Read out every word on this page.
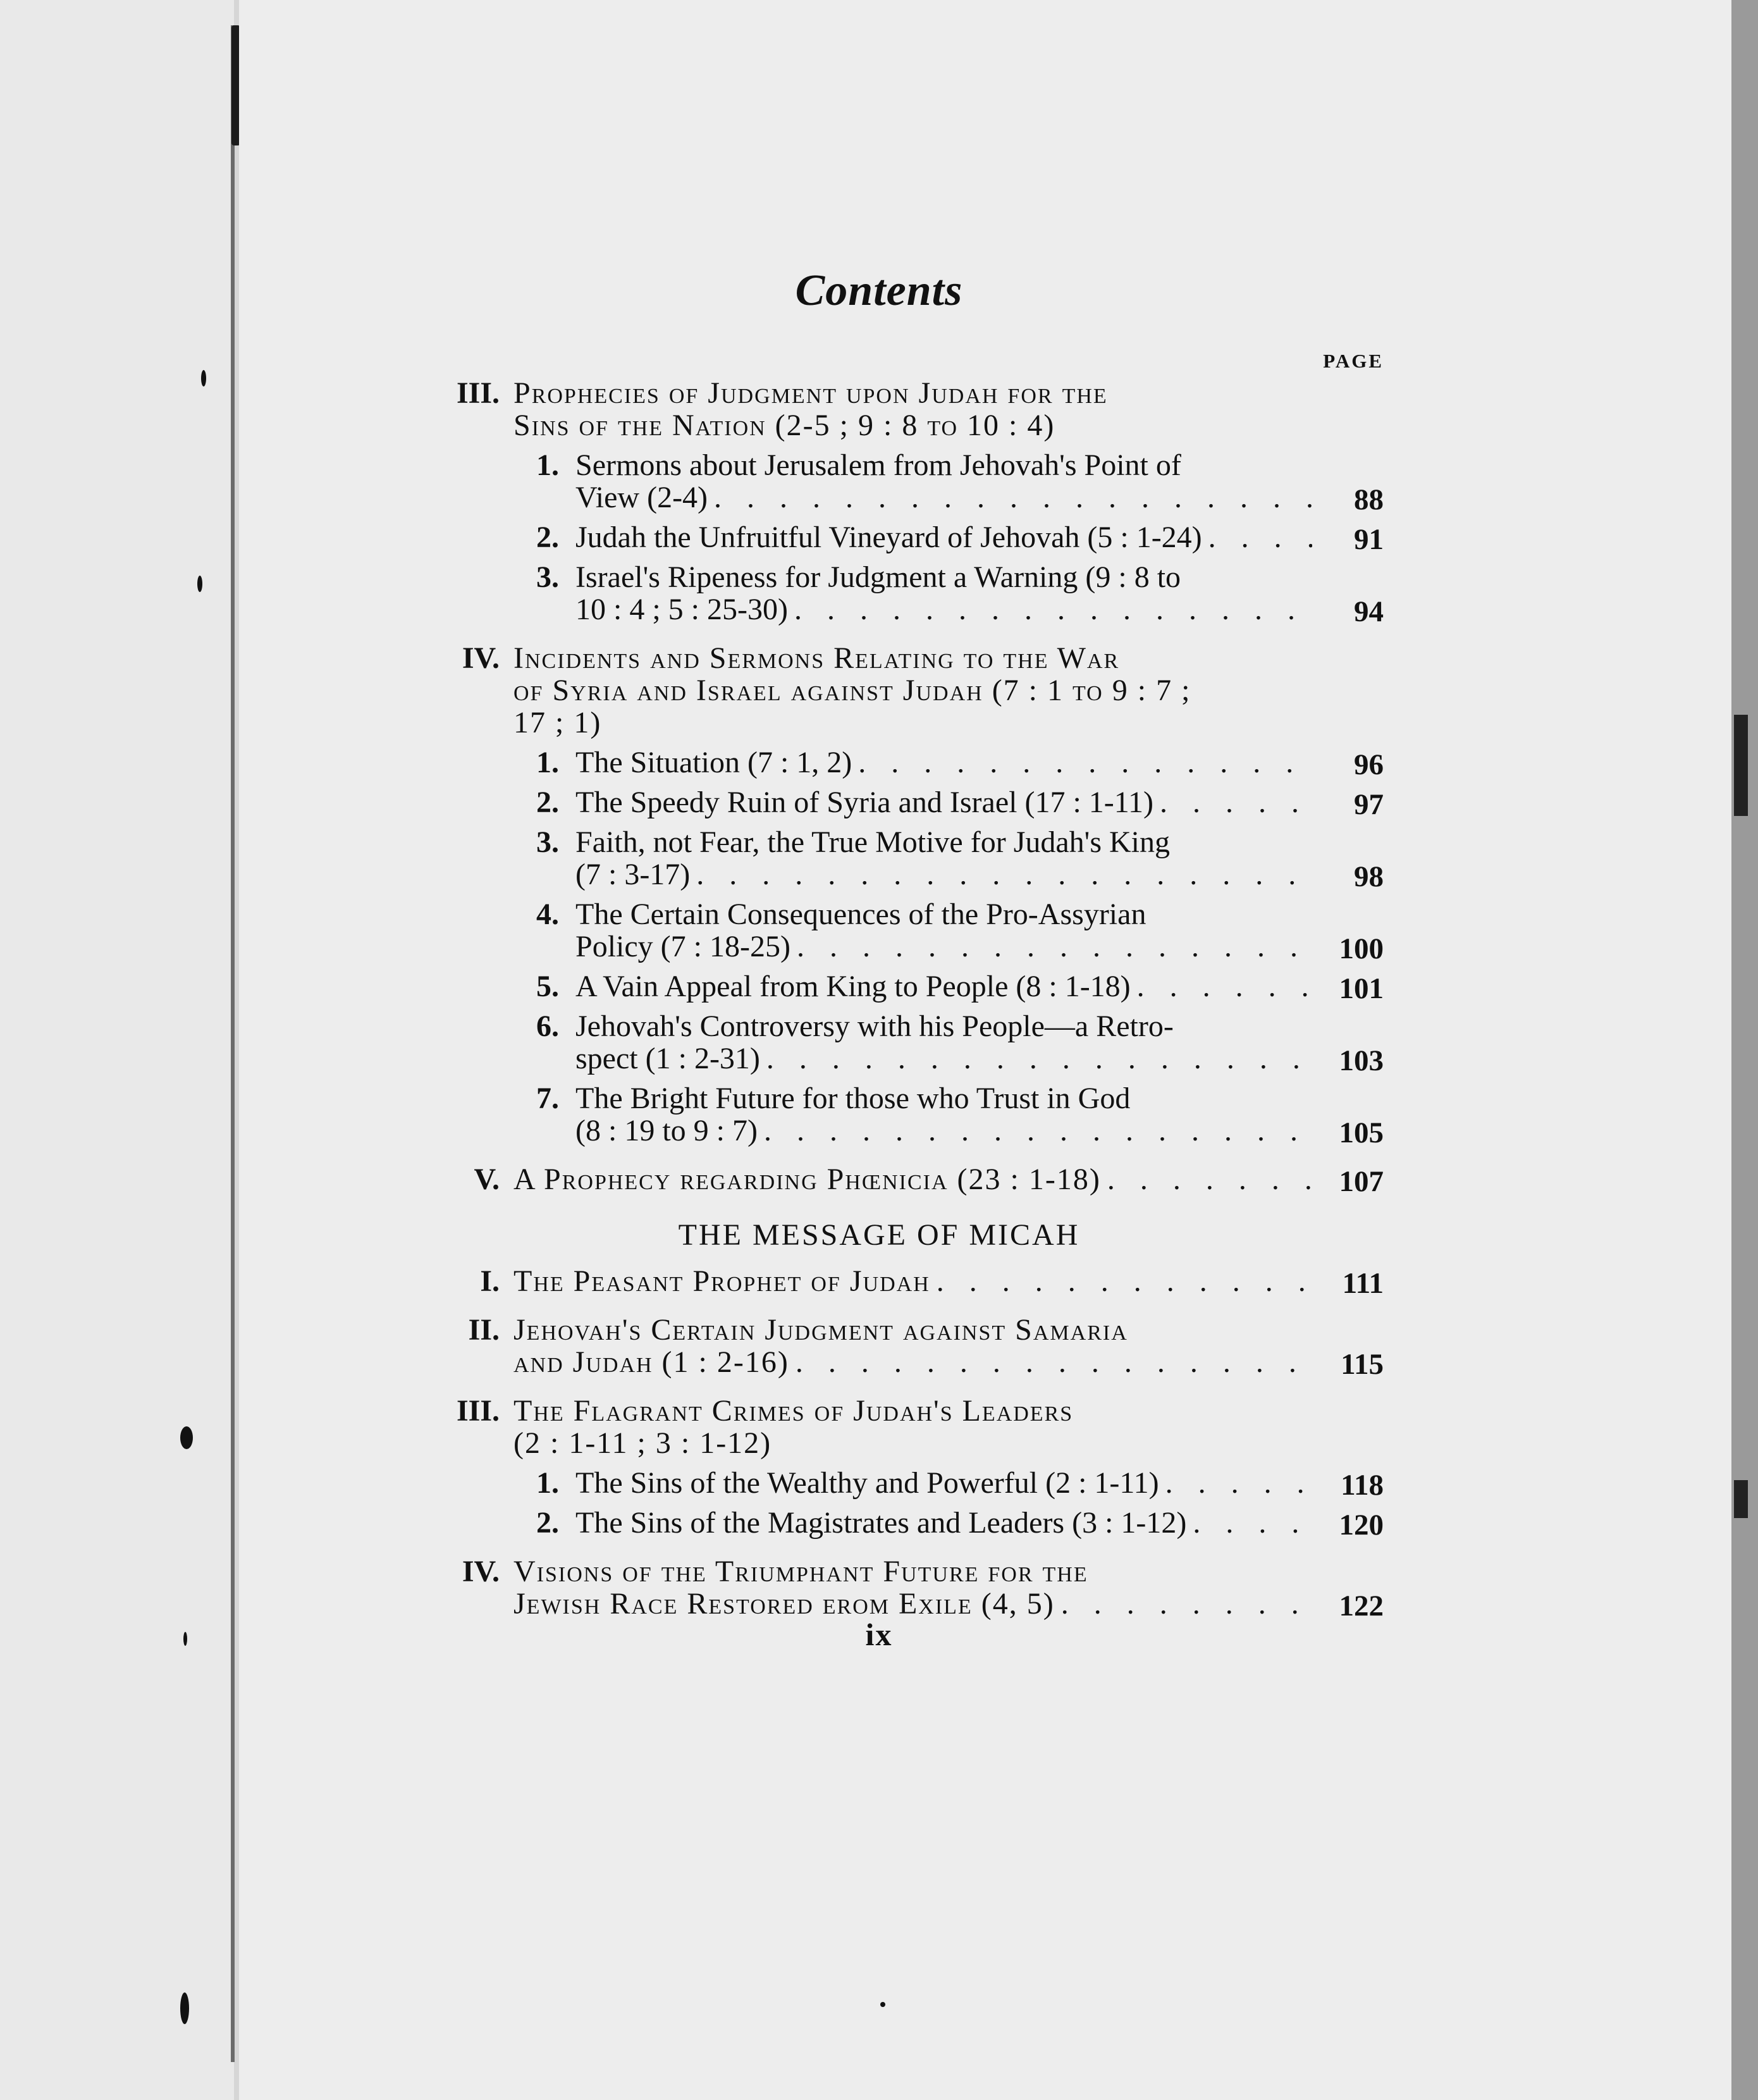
Contents
PAGE
III. Prophecies of Judgment upon Judah for the
Sins of the Nation (2-5 ; 9 : 8 to 10 : 4)
1. Sermons about Jerusalem from Jehovah's Point of
View (2-4) . . .	88
2. Judah the Unfruitful Vineyard of Jehovah (5 : 1-24) . . .	91
3. Israel's Ripeness for Judgment a Warning (9 : 8 to
10 : 4 ; 5 : 25-30) . . .	94
IV. Incidents and Sermons Relating to the War
of Syria and Israel against Judah (7 : 1 to 9 : 7 ;
17 ; 1)
1. The Situation (7 : 1, 2) . . .	96
2. The Speedy Ruin of Syria and Israel (17 : 1-11) . . .	97
3. Faith, not Fear, the True Motive for Judah's King
(7 : 3-17) . . .	98
4. The Certain Consequences of the Pro-Assyrian
Policy (7 : 18-25) . . .	100
5. A Vain Appeal from King to People (8 : 1-18) . . .	101
6. Jehovah's Controversy with his People—a Retro-
spect (1 : 2-31) . . .	103
7. The Bright Future for those who Trust in God
(8 : 19 to 9 : 7) . . .	105
V. A Prophecy regarding Phœnicia (23 : 1-18) . . .	107
I. The Peasant Prophet of Judah . . .	111
II. Jehovah's Certain Judgment against Samaria
and Judah (1 : 2-16) . . .	115
III. The Flagrant Crimes of Judah's Leaders
(2 : 1-11 ; 3 : 1-12)
1. The Sins of the Wealthy and Powerful (2 : 1-11) . . .	118
2. The Sins of the Magistrates and Leaders (3 : 1-12) . . .	120
IV. Visions of the Triumphant Future for the
Jewish Race Restored erom Exile (4, 5) . . .	122
THE MESSAGE OF MICAH
ix
